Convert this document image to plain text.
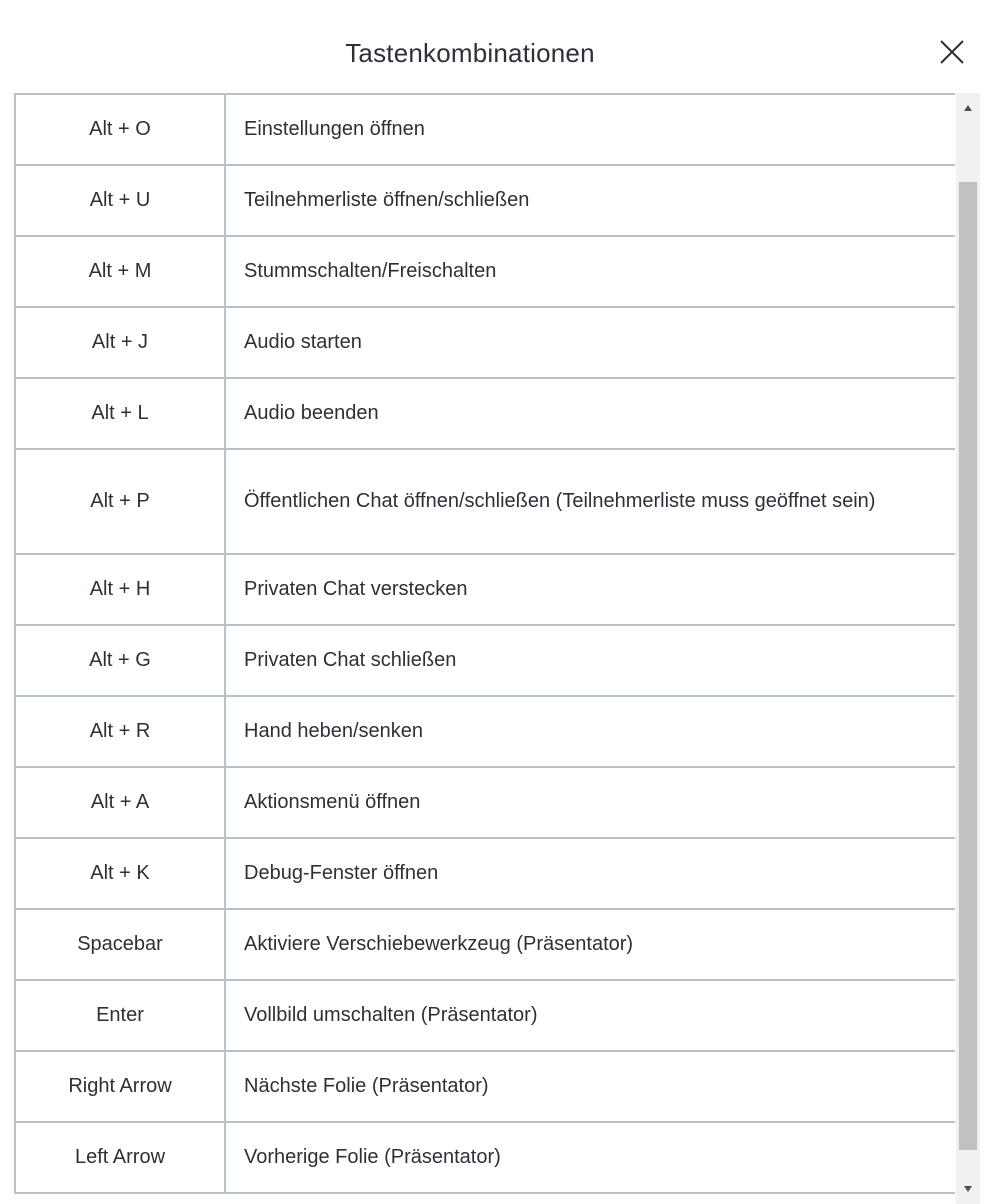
Tastenkombinationen
Alt + O	Einstellungen öffnen
Alt + U	Teilnehmerliste öffnen/schließen
Alt + M	Stummschalten/Freischalten
Alt + J	Audio starten
Alt + L	Audio beenden
Alt + P	Öffentlichen Chat öffnen/schließen (Teilnehmerliste muss geöffnet sein)
Alt + H	Privaten Chat verstecken
Alt + G	Privaten Chat schließen
Alt + R	Hand heben/senken
Alt + A	Aktionsmenü öffnen
Alt + K	Debug-Fenster öffnen
Spacebar	Aktiviere Verschiebewerkzeug (Präsentator)
Enter	Vollbild umschalten (Präsentator)
Right Arrow	Nächste Folie (Präsentator)
Left Arrow	Vorherige Folie (Präsentator)
